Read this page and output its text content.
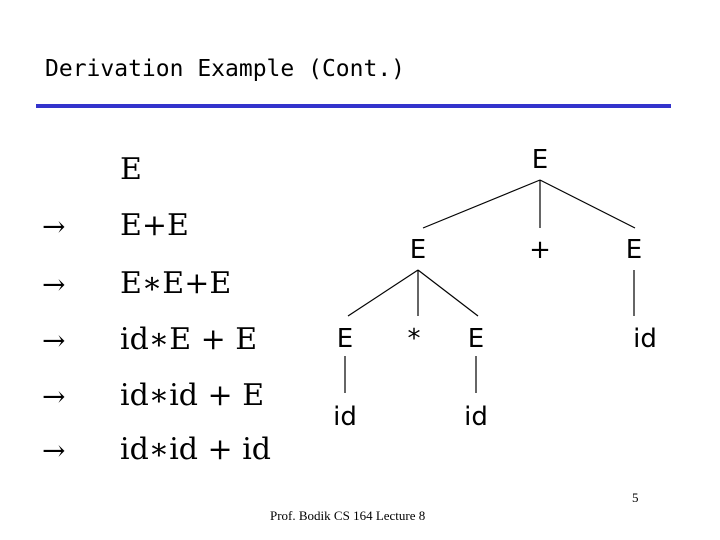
Derivation Example (Cont.)
E
→ E+E
→ E∗E+E
→ id∗E + E
→ id∗id + E
→ id∗id + id
E
E	+	E
E * E	id
id	id
5
Prof. Bodik CS 164 Lecture 8
